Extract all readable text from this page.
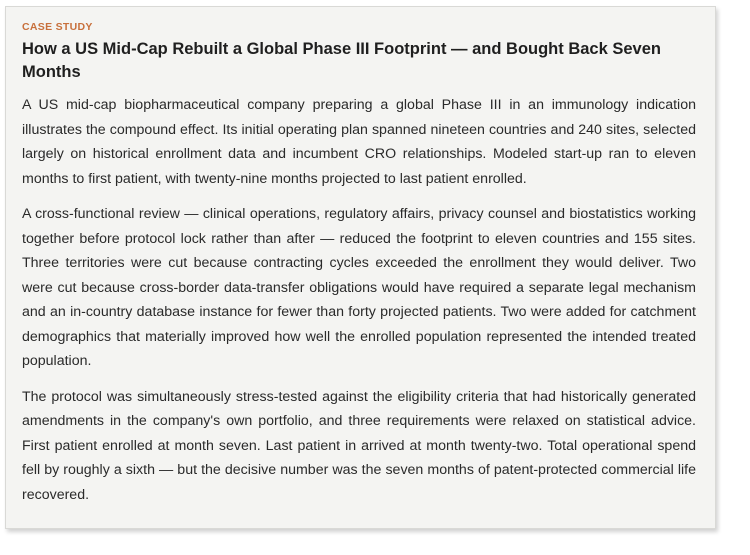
CASE STUDY
How a US Mid-Cap Rebuilt a Global Phase III Footprint — and Bought Back Seven Months

A US mid-cap biopharmaceutical company preparing a global Phase III in an immunology indication illustrates the compound effect. Its initial operating plan spanned nineteen countries and 240 sites, selected largely on historical enrollment data and incumbent CRO relationships. Modeled start-up ran to eleven months to first patient, with twenty-nine months projected to last patient enrolled.

A cross-functional review — clinical operations, regulatory affairs, privacy counsel and biostatistics working together before protocol lock rather than after — reduced the footprint to eleven countries and 155 sites. Three territories were cut because contracting cycles exceeded the enrollment they would deliver. Two were cut because cross-border data-transfer obligations would have required a separate legal mechanism and an in-country database instance for fewer than forty projected patients. Two were added for catchment demographics that materially improved how well the enrolled population represented the intended treated population.

The protocol was simultaneously stress-tested against the eligibility criteria that had historically generated amendments in the company's own portfolio, and three requirements were relaxed on statistical advice. First patient enrolled at month seven. Last patient in arrived at month twenty-two. Total operational spend fell by roughly a sixth — but the decisive number was the seven months of patent-protected commercial life recovered.
